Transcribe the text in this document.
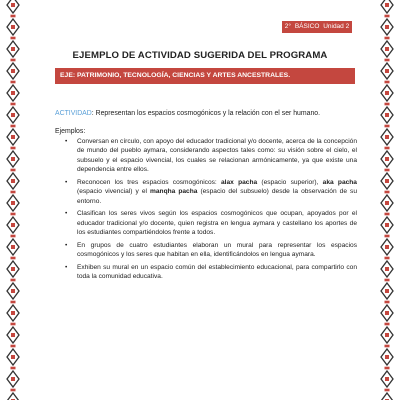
2° BÁSICO Unidad 2
EJEMPLO DE ACTIVIDAD SUGERIDA DEL PROGRAMA
EJE: PATRIMONIO, TECNOLOGÍA, CIENCIAS Y ARTES ANCESTRALES.
ACTIVIDAD: Representan los espacios cosmogónicos y la relación con el ser humano.
Ejemplos:
• Conversan en círculo, con apoyo del educador tradicional y/o docente, acerca de la concepción de mundo del pueblo aymara, considerando aspectos tales como: su visión sobre el cielo, el subsuelo y el espacio vivencial, los cuales se relacionan armónicamente, ya que existe una dependencia entre ellos.
• Reconocen los tres espacios cosmogónicos: alax pacha (espacio superior), aka pacha (espacio vivencial) y el manqha pacha (espacio del subsuelo) desde la observación de su entorno.
• Clasifican los seres vivos según los espacios cosmogónicos que ocupan, apoyados por el educador tradicional y/o docente, quien registra en lengua aymara y castellano los aportes de los estudiantes compartiéndolos frente a todos.
• En grupos de cuatro estudiantes elaboran un mural para representar los espacios cosmogónicos y los seres que habitan en ella, identificándolos en lengua aymara.
• Exhiben su mural en un espacio común del establecimiento educacional, para compartirlo con toda la comunidad educativa.
